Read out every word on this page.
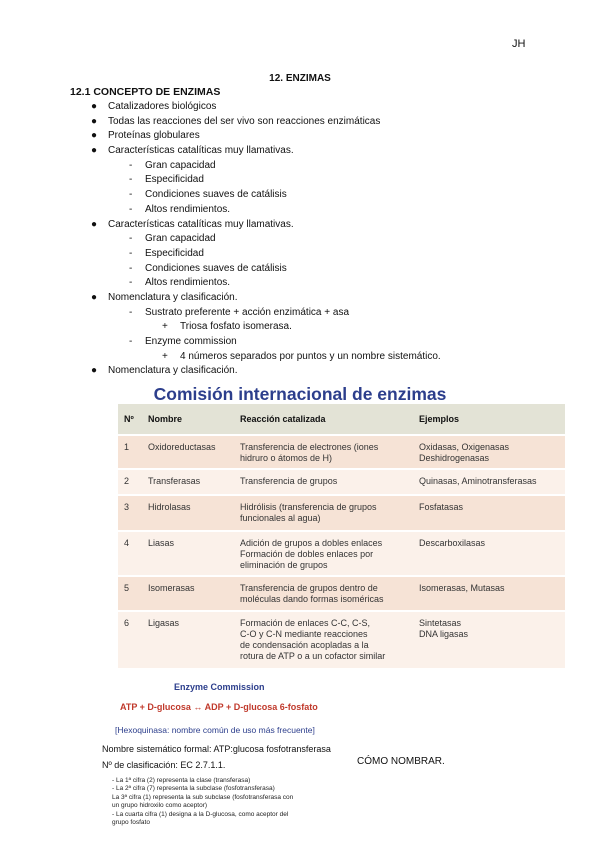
JH
12. ENZIMAS
12.1 CONCEPTO DE ENZIMAS
● Catalizadores biológicos
● Todas las reacciones del ser vivo son reacciones enzimáticas
● Proteínas globulares
● Características catalíticas muy llamativas.
- Gran capacidad
- Especificidad
- Condiciones suaves de catálisis
- Altos rendimientos.
● Características catalíticas muy llamativas.
- Gran capacidad
- Especificidad
- Condiciones suaves de catálisis
- Altos rendimientos.
● Nomenclatura y clasificación.
- Sustrato preferente + acción enzimática + asa
+ Triosa fosfato isomerasa.
- Enzyme commission
+ 4 números separados por puntos y un nombre sistemático.
● Nomenclatura y clasificación.
Comisión internacional de enzimas
Nº	Nombre	Reacción catalizada	Ejemplos
1	Oxidoreductasas	Transferencia de electrones (iones
hidruro o átomos de H)	Oxidasas, Oxigenasas
Deshidrogenasas
2	Transferasas	Transferencia de grupos	Quinasas, Aminotransferasas
3	Hidrolasas	Hidrólisis (transferencia de grupos
funcionales al agua)	Fosfatasas
4	Liasas	Adición de grupos a dobles enlaces
Formación de dobles enlaces por
eliminación de grupos	Descarboxilasas
5	Isomerasas	Transferencia de grupos dentro de
moléculas dando formas isoméricas	Isomerasas, Mutasas
6	Ligasas	Formación de enlaces C-C, C-S,
C-O y C-N mediante reacciones
de condensación acopladas a la
rotura de ATP o a un cofactor similar	Sintetasas
DNA ligasas
Enzyme Commission
ATP + D-glucosa ↔ ADP + D-glucosa 6-fosfato
[Hexoquinasa: nombre común de uso más frecuente]
Nombre sistemático formal: ATP:glucosa fosfotransferasa
Nº de clasificación: EC 2.7.1.1.	CÓMO NOMBRAR.
- La 1ª cifra (2) representa la clase (transferasa)
- La 2ª cifra (7) representa la subclase (fosfotransferasa)
La 3ª cifra (1) representa la sub subclase (fosfotransferasa con
un grupo hidroxilo como aceptor)
- La cuarta cifra (1) designa a la D-glucosa, como aceptor del
grupo fosfato
